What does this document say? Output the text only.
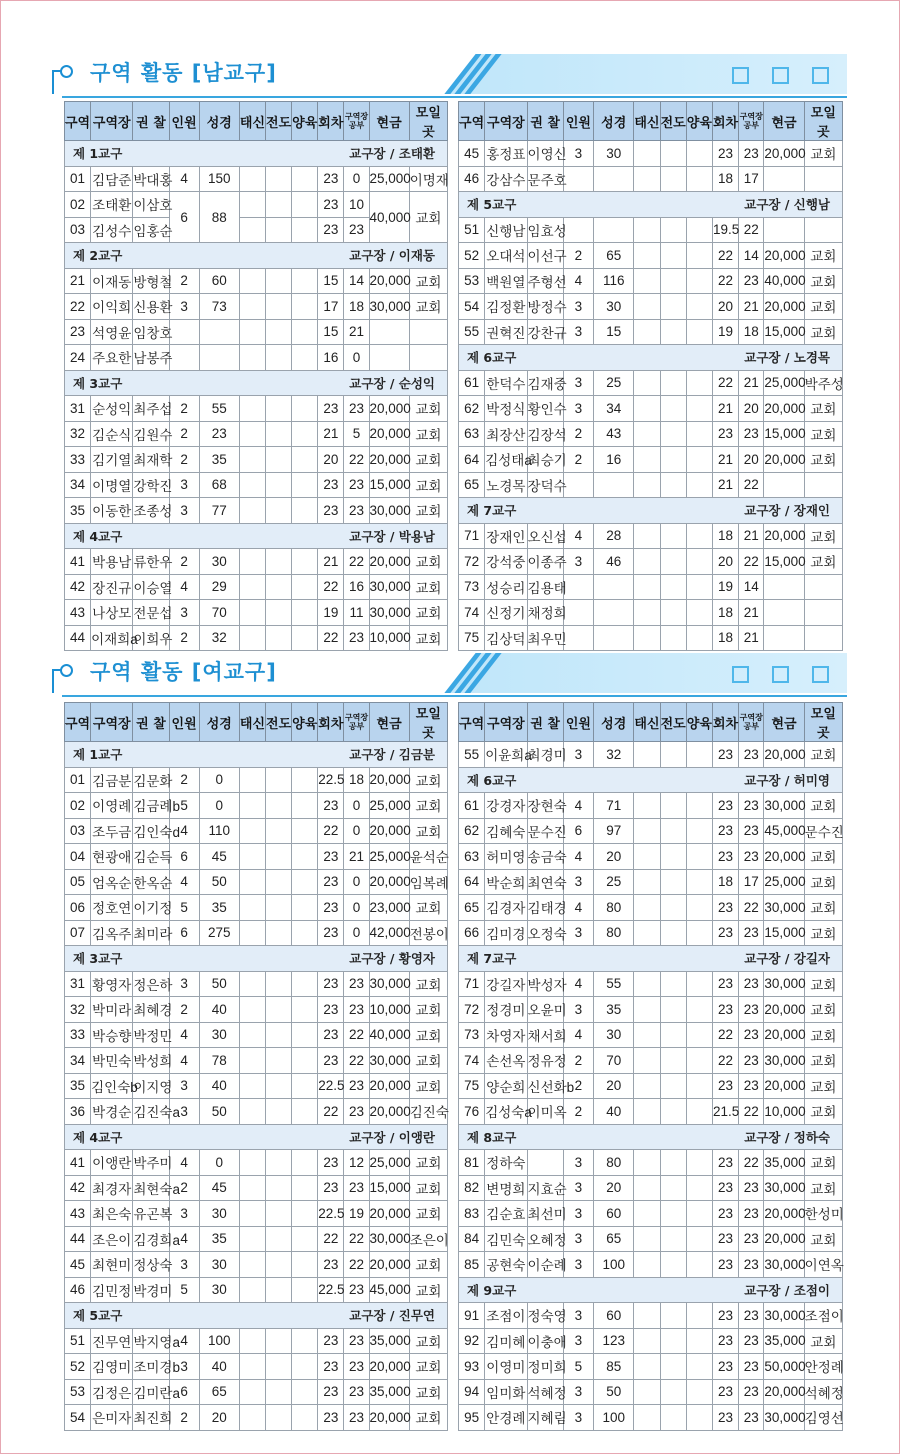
구역 활동 [남교구]
구역 활동 [여교구]
구역	구역장	권 찰	인원	성경	태신	전도	양육	회차	구역장 공부	현금	모일곳

제 1교구 교구장 / 조태환											

01	김담준	박대홍	4	150				23	0	25,000	이명재
02	조태환	이삼호	6	88				23	10	40,000	교회
03	김성수	임홍순						23	23	

제 2교구 교구장 / 이재동											

21	이재동	방형철	2	60				15	14	20,000	교회
22	이익희	신용환	3	73				17	18	30,000	교회
23	석영윤	임창호						15	21		
24	주요한	남봉주						16	0		

제 3교구 교구장 / 순성익											

31	순성익	최주섭	2	55				23	23	20,000	교회
32	김순식	김원수	2	23				21	5	20,000	교회
33	김기열	최재학	2	35				20	22	20,000	교회
34	이명열	강학진	3	68				23	23	15,000	교회
35	이동한	조종성	3	77				23	23	30,000	교회

제 4교구 교구장 / 박용남											

41	박용남	류한우	2	30				21	22	20,000	교회
42	장진규	이승열	4	29				22	16	30,000	교회
43	나상모	전문섭	3	70				19	11	30,000	교회
44	이재희a	이희우	2	32				22	23	10,000	교회
구역	구역장	권 찰	인원	성경	태신	전도	양육	회차	구역장 공부	현금	모일곳
45	홍정표	이영신	3	30				23	23	20,000	교회
46	강삼수	문주호						18	17		

제 5교구 교구장 / 신행남											

51	신행남	임효성						19.5	22		
52	오대석	이선구	2	65				22	14	20,000	교회
53	백원열	주형선	4	116				22	23	40,000	교회
54	김정환	방정수	3	30				20	21	20,000	교회
55	권혁진	강찬규	3	15				19	18	15,000	교회

제 6교구 교구장 / 노경목											

61	한덕수	김재중	3	25				22	21	25,000	박주성
62	박정식	황인수	3	34				21	20	20,000	교회
63	최장산	김장석	2	43				23	23	15,000	교회
64	김성태a	최승기	2	16				21	20	20,000	교회
65	노경목	장덕수						21	22		

제 7교구 교구장 / 장재인											

71	장재인	오신섭	4	28				18	21	20,000	교회
72	강석중	이종주	3	46				20	22	15,000	교회
73	성승리	김용태						19	14		
74	신정기	채정희						18	21		
75	김상덕	최우민						18	21		
구역	구역장	권 찰	인원	성경	태신	전도	양육	회차	구역장 공부	현금	모일곳

제 1교구 교구장 / 김금분											

01	김금분	김문화	2	0				22.5	18	20,000	교회
02	이영례	김금례b	5	0				23	0	25,000	교회
03	조두금	김인숙d	4	110				22	0	20,000	교회
04	현광애	김순득	6	45				23	21	25,000	윤석순
05	엄옥순	한옥순	4	50				23	0	20,000	임복례
06	정호연	이기정	5	35				23	0	23,000	교회
07	김옥주	최미라	6	275				23	0	42,000	전봉이

제 3교구 교구장 / 황영자											

31	황영자	정은하	3	50				23	23	30,000	교회
32	박미라	최혜경	2	40				23	23	10,000	교회
33	박승향	박정민	4	30				23	22	40,000	교회
34	박민숙	박성희	4	78				23	22	30,000	교회
35	김인숙b	이지영	3	40				22.5	23	20,000	교회
36	박경순	김진숙a	3	50				22	23	20,000	김진숙

제 4교구 교구장 / 이앵란											

41	이앵란	박주미	4	0				23	12	25,000	교회
42	최경자	최현숙a	2	45				23	23	15,000	교회
43	최은숙	유곤복	3	30				22.5	19	20,000	교회
44	조은이	김경희a	4	35				22	22	30,000	조은이
45	최현미	정상숙	3	30				23	22	20,000	교회
46	김민정	박경미	5	30				22.5	23	45,000	교회

제 5교구 교구장 / 진무연											

51	진무연	박지영a	4	100				23	23	35,000	교회
52	김영미	조미경b	3	40				23	23	20,000	교회
53	김정은	김미란a	6	65				23	23	35,000	교회
54	은미자	최진희	2	20				23	23	20,000	교회
구역	구역장	권 찰	인원	성경	태신	전도	양육	회차	구역장 공부	현금	모일곳
55	이윤희a	최경미	3	32				23	23	20,000	교회

제 6교구 교구장 / 허미영											

61	강경자	장현숙	4	71				23	23	30,000	교회
62	김혜숙	문수진	6	97				23	23	45,000	문수진
63	허미영	송금숙	4	20				23	23	20,000	교회
64	박순희	최연숙	3	25				18	17	25,000	교회
65	김경자	김태경	4	80				23	22	30,000	교회
66	김미경	오정숙	3	80				23	23	15,000	교회

제 7교구 교구장 / 강길자											

71	강길자	박성자	4	55				23	23	30,000	교회
72	정경미	오윤미	3	35				23	23	20,000	교회
73	차영자	채서희	4	30				22	23	20,000	교회
74	손선옥	정유정	2	70				22	23	30,000	교회
75	양순희	신선화b	2	20				23	23	20,000	교회
76	김성숙a	이미옥	2	40				21.5	22	10,000	교회

제 8교구 교구장 / 정하숙											

81	정하숙		3	80				23	22	35,000	교회
82	변명희	지효순	3	20				23	23	30,000	교회
83	김순효	최선미	3	60				23	23	20,000	한성미
84	김민숙	오혜정	3	65				23	23	20,000	교회
85	공현숙	이순례	3	100				23	23	30,000	이연옥

제 9교구 교구장 / 조점이											

91	조점이	정숙영	3	60				23	23	30,000	조점이
92	김미혜	이충애	3	123				23	23	35,000	교회
93	이영미	정미희	5	85				23	23	50,000	안정례
94	임미화	석혜정	3	50				23	23	20,000	석혜정
95	안경례	지혜림	3	100				23	23	30,000	김영선
